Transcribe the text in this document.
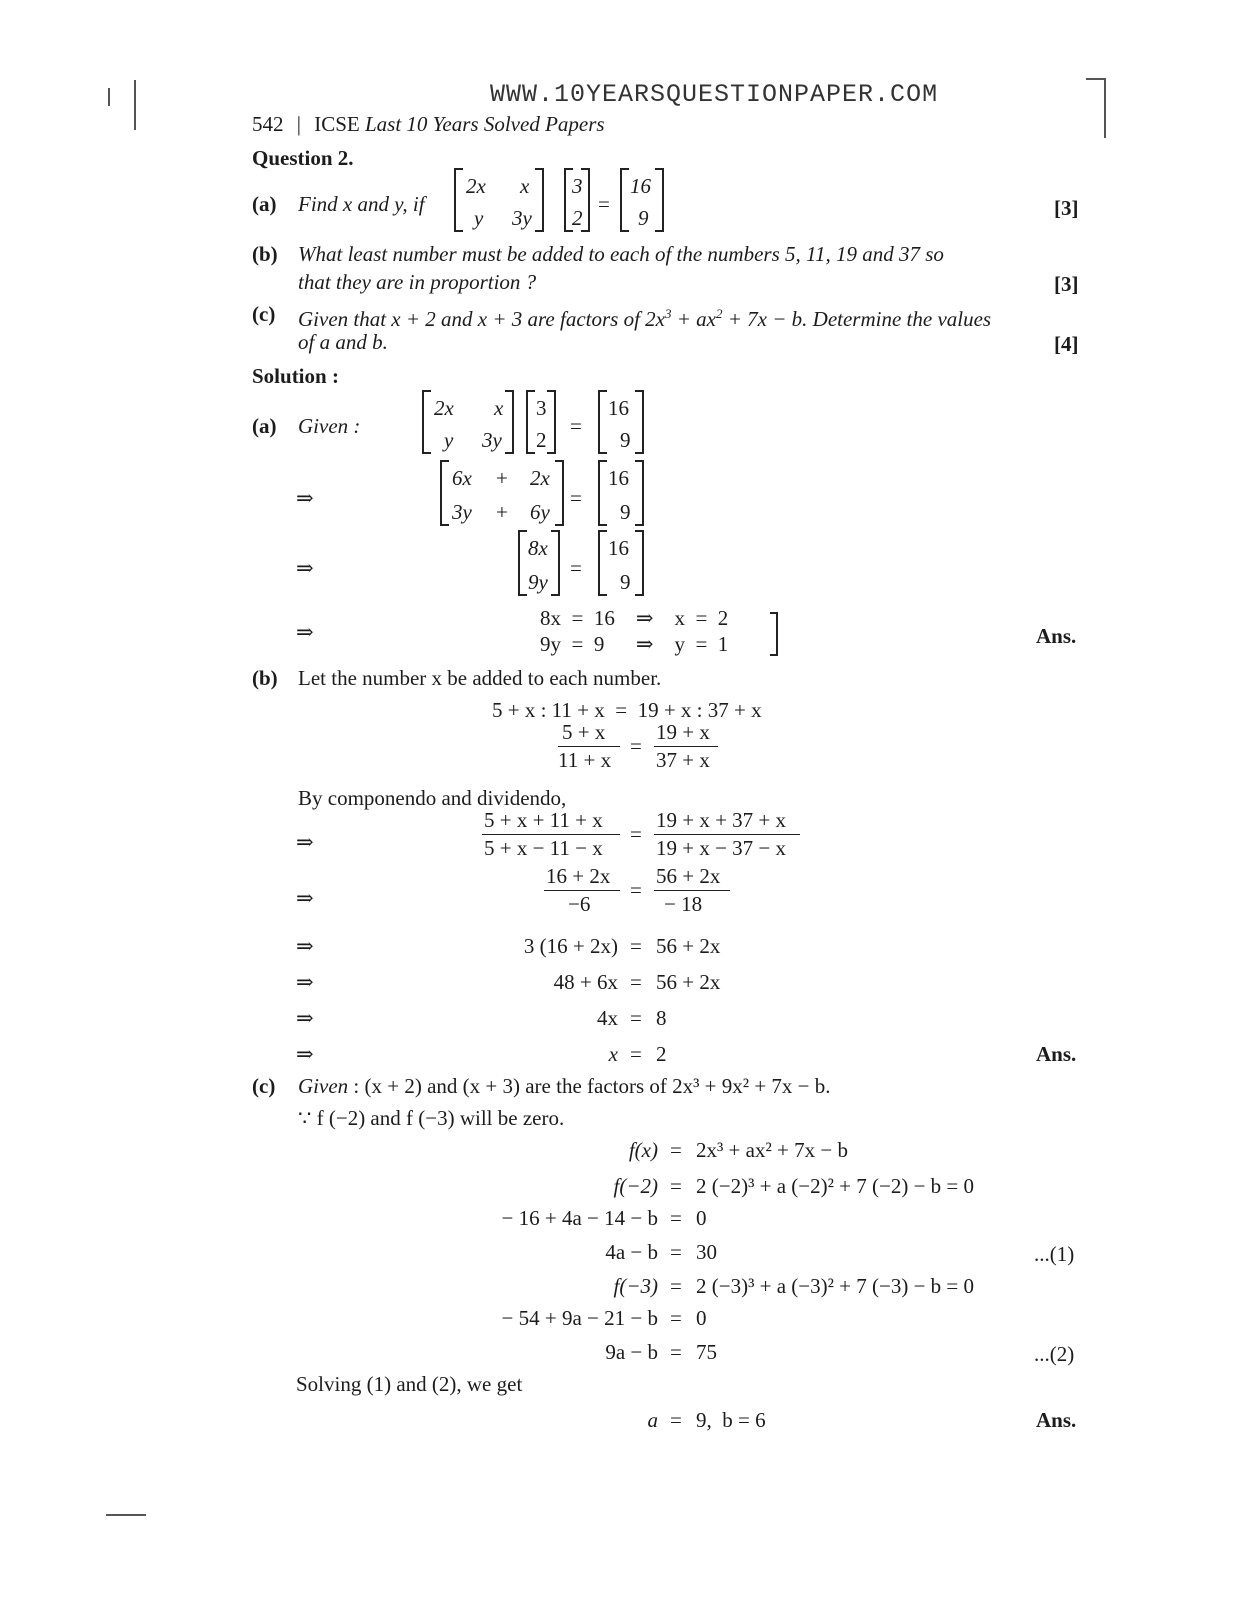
WWW.10YEARSQUESTIONPAPER.COM
542 | ICSE Last 10 Years Solved Papers
Question 2.
(a) Find x and y, if
2x x
y 3y
3
2
=
16
9	[3]
(b) What least number must be added to each of the numbers 5, 11, 19 and 37 so
that they are in proportion ?	[3]
(c) Given that x + 2 and x + 3 are factors of $2x^3 + ax^2 + 7x - b$. Determine the values
of a and b.	[4]
Solution :
(a) Given :
2x x
y 3y
3
2
=
16
9
⇒
6x + 2x
3y + 6y
=
16
9
⇒
8x
9y
=
16
9
⇒
8x  =  16    ⇒    x  =  2
9y  =  9      ⇒    y  =  1	Ans.
(b) Let the number x be added to each number.
5 + x : 11 + x  =  19 + x : 37 + x
5 + x
11 + x
=
19 + x
37 + x
By componendo and dividendo,
⇒
5 + x + 11 + x
5 + x − 11 − x
=
19 + x + 37 + x
19 + x − 37 − x
⇒
16 + 2x
−6
=
56 + 2x
− 18
⇒	3 (16 + 2x) = 56 + 2x
⇒	48 + 6x = 56 + 2x
⇒	4x = 8
⇒	x = 2	Ans.
(c) Given : (x + 2) and (x + 3) are the factors of 2x³ + 9x² + 7x − b.
∵ f (−2) and f (−3) will be zero.
f(x) = 2x³ + ax² + 7x − b
f(−2) = 2 (−2)³ + a (−2)² + 7 (−2) − b = 0
− 16 + 4a − 14 − b = 0
4a − b = 30	...(1)
f(−3) = 2 (−3)³ + a (−3)² + 7 (−3) − b = 0
− 54 + 9a − 21 − b = 0
9a − b = 75	...(2)
Solving (1) and (2), we get
a = 9,  b = 6	Ans.
